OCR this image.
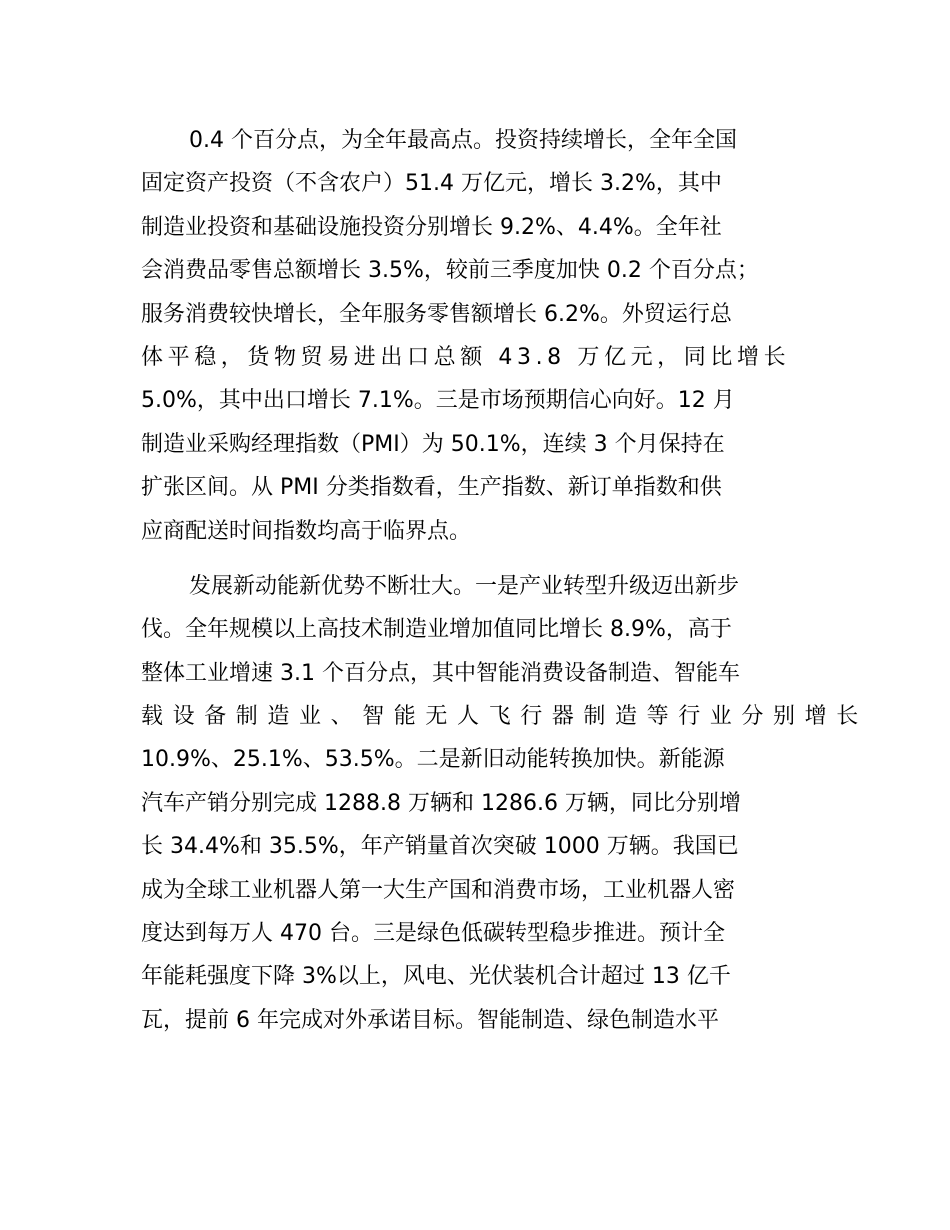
0.4 个百分点，为全年最高点。投资持续增长，全年全国
固定资产投资（不含农户）51.4 万亿元，增长 3.2%，其中
制造业投资和基础设施投资分别增长 9.2%、4.4%。全年社
会消费品零售总额增长 3.5%，较前三季度加快 0.2 个百分点；
服务消费较快增长，全年服务零售额增长 6.2%。外贸运行总
体平稳，货物贸易进出口总额 43.8 万亿元，同比增长
5.0%，其中出口增长 7.1%。三是市场预期信心向好。12 月
制造业采购经理指数（PMI）为 50.1%，连续 3 个月保持在
扩张区间。从 PMI 分类指数看，生产指数、新订单指数和供
应商配送时间指数均高于临界点。
发展新动能新优势不断壮大。一是产业转型升级迈出新步
伐。全年规模以上高技术制造业增加值同比增长 8.9%，高于
整体工业增速 3.1 个百分点，其中智能消费设备制造、智能车
载设备制造业、智能无人飞行器制造等行业分别增长
10.9%、25.1%、53.5%。二是新旧动能转换加快。新能源
汽车产销分别完成 1288.8 万辆和 1286.6 万辆，同比分别增
长 34.4%和 35.5%，年产销量首次突破 1000 万辆。我国已
成为全球工业机器人第一大生产国和消费市场，工业机器人密
度达到每万人 470 台。三是绿色低碳转型稳步推进。预计全
年能耗强度下降 3%以上，风电、光伏装机合计超过 13 亿千
瓦，提前 6 年完成对外承诺目标。智能制造、绿色制造水平
